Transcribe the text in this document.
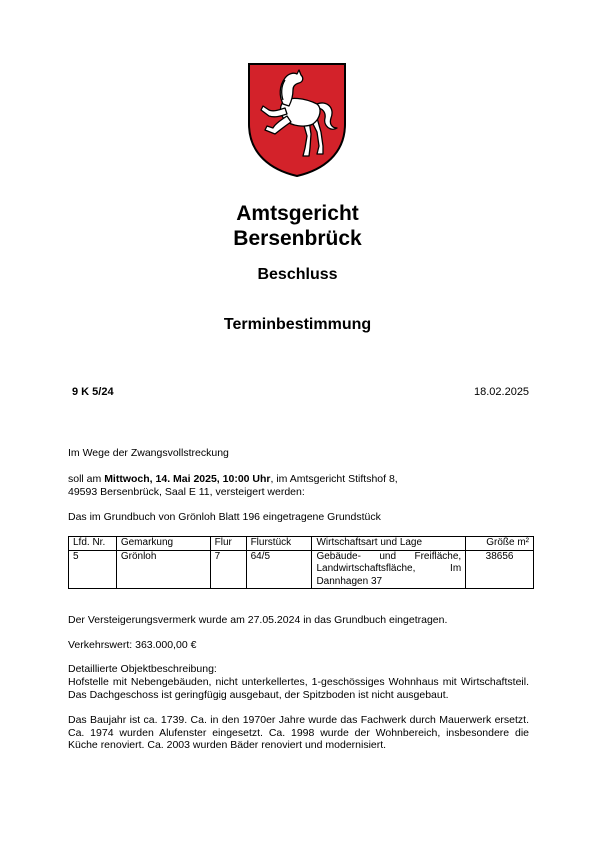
Amtsgericht
Bersenbrück
Beschluss
Terminbestimmung
9 K 5/24	18.02.2025
Im Wege der Zwangsvollstreckung
soll am Mittwoch, 14. Mai 2025, 10:00 Uhr, im Amtsgericht Stiftshof 8,
49593 Bersenbrück, Saal E 11, versteigert werden:
Das im Grundbuch von Grönloh Blatt 196 eingetragene Grundstück
Lfd. Nr.	Gemarkung	Flur	Flurstück	Wirtschaftsart und Lage	Größe m²
5	Grönloh	7	64/5	Gebäude- und Freifläche, Landwirtschaftsfläche, Im Dannhagen 37	38656
Der Versteigerungsvermerk wurde am 27.05.2024 in das Grundbuch eingetragen.
Verkehrswert: 363.000,00 €
Detaillierte Objektbeschreibung:
Hofstelle mit Nebengebäuden, nicht unterkellertes, 1-geschössiges Wohnhaus mit Wirtschaftsteil. Das Dachgeschoss ist geringfügig ausgebaut, der Spitzboden ist nicht ausgebaut.
Das Baujahr ist ca. 1739. Ca. in den 1970er Jahre wurde das Fachwerk durch Mauerwerk ersetzt. Ca. 1974 wurden Alufenster eingesetzt. Ca. 1998 wurde der Wohnbereich, insbesondere die Küche renoviert. Ca. 2003 wurden Bäder renoviert und modernisiert.
